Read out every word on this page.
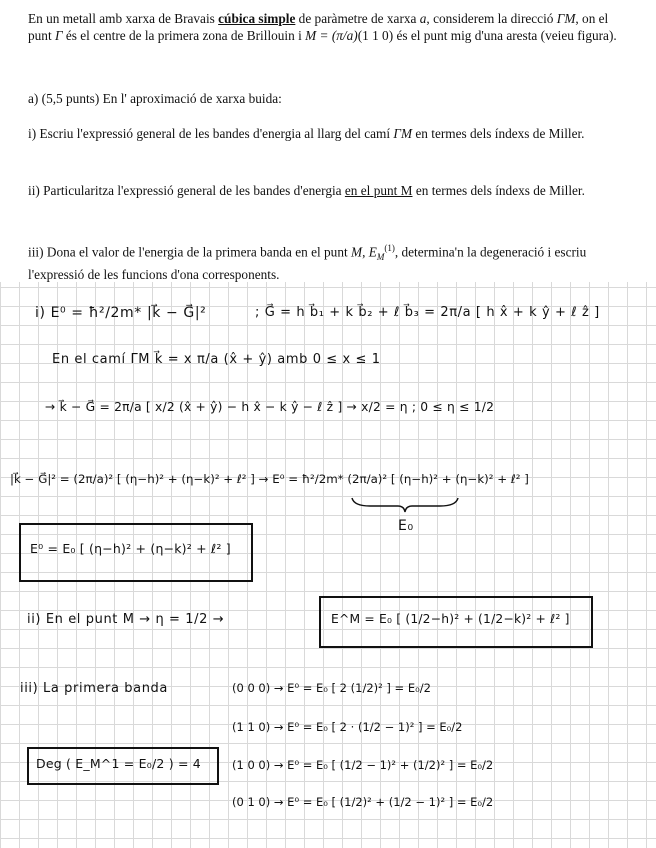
En un metall amb xarxa de Bravais cúbica simple de paràmetre de xarxa a, considerem la direcció ΓM, on el punt Γ és el centre de la primera zona de Brillouin i M = (π/a)(1 1 0) és el punt mig d'una aresta (veieu figura).

a) (5,5 punts) En l' aproximació de xarxa buida:

i) Escriu l'expressió general de les bandes d'energia al llarg del camí ΓM en termes dels índexs de Miller.

ii) Particularitza l'expressió general de les bandes d'energia en el punt M en termes dels índexs de Miller.

iii) Dona el valor de l'energia de la primera banda en el punt M, $E_M^{(1)}$, determina'n la degeneració i escriu l'expressió de les funcions d'ona corresponents.

i) E⁰ = ħ²/2m* |k⃗ − G⃗|²	; G⃗ = h b⃗₁ + k b⃗₂ + ℓ b⃗₃ = 2π/a [ h x̂ + k ŷ + ℓ ẑ ]
En el camí ΓM k⃗ = x π/a (x̂ + ŷ) amb 0 ≤ x ≤ 1
→ k⃗ − G⃗ = 2π/a [ x/2 (x̂ + ŷ) − h x̂ − k ŷ − ℓ ẑ ] → x/2 = η ; 0 ≤ η ≤ 1/2
|k⃗ − G⃗|² = (2π/a)² [ (η−h)² + (η−k)² + ℓ² ] → E⁰ = ħ²/2m* (2π/a)² [ (η−h)² + (η−k)² + ℓ² ]
E₀
E⁰ = E₀ [ (η−h)² + (η−k)² + ℓ² ]
ii) En el punt M → η = 1/2 →	E^M = E₀ [ (1/2−h)² + (1/2−k)² + ℓ² ]
iii) La primera banda	(0 0 0) → E⁰ = E₀ [ 2 (1/2)² ] = E₀/2
(1 1 0) → E⁰ = E₀ [ 2 · (1/2 − 1)² ] = E₀/2
Deg ( E_M^1 = E₀/2 ) = 4	(1 0 0) → E⁰ = E₀ [ (1/2 − 1)² + (1/2)² ] = E₀/2
(0 1 0) → E⁰ = E₀ [ (1/2)² + (1/2 − 1)² ] = E₀/2
